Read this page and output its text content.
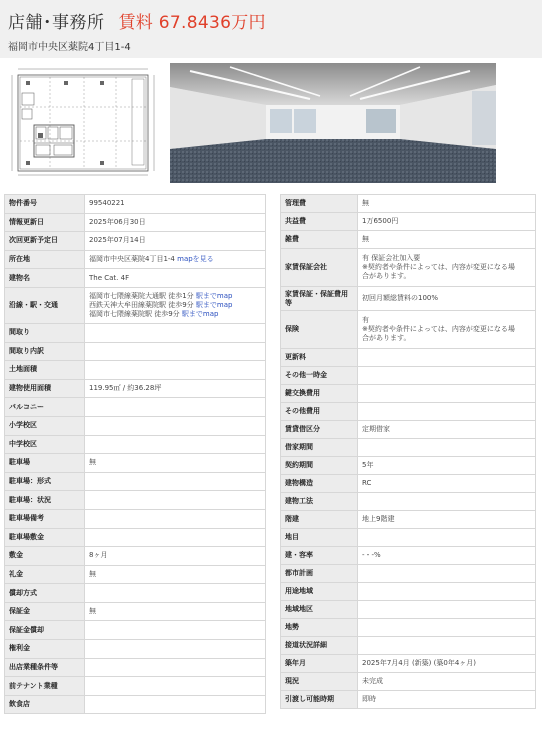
店舗･事務所 賃料 67.8436万円
福岡市中央区薬院4丁目1-4
物件番号	99540221
情報更新日	2025年06月30日
次回更新予定日	2025年07月14日
所在地	福岡市中央区薬院4丁目1-4 mapを見る
建物名	The Cat. 4F
沿線・駅・交通	福岡市七隈線薬院大通駅 徒歩1分 駅までmap
西鉄天神大牟田線薬院駅 徒歩9分 駅までmap
福岡市七隈線薬院駅 徒歩9分 駅までmap

間取り	
間取り内訳	
土地面積	
建物使用面積	119.95㎡ / 約36.28坪
バルコニー	
小学校区	
中学校区	
駐車場	無
駐車場：形式	
駐車場：状況	
駐車場備考	
駐車場敷金	
敷金	8ヶ月
礼金	無
償却方式	
保証金	無
保証金償却	
権利金	
出店業種条件等	
前テナント業種	
飲食店	
管理費	無
共益費	1万6500円
雑費	無
家賃保証会社	有 保証会社加入要
※契約者や条件によっては、内容が変更になる場
合があります。

家賃保証・保証費用等	初回月額総賃料の100%
保険	有
※契約者や条件によっては、内容が変更になる場
合があります。

更新料	
その他一時金	
鍵交換費用	
その他費用	
賃貸借区分	定期借家
借家期間	
契約期間	5年
建物構造	RC
建物工法	
階建	地上9階建
地目	
建・容率	-・-%
都市計画	
用途地域	
地域地区	
地勢	
接道状況詳細	
築年月	2025年7月4月 (新築) (築0年4ヶ月)
現況	未完成
引渡し可能時期	即時
